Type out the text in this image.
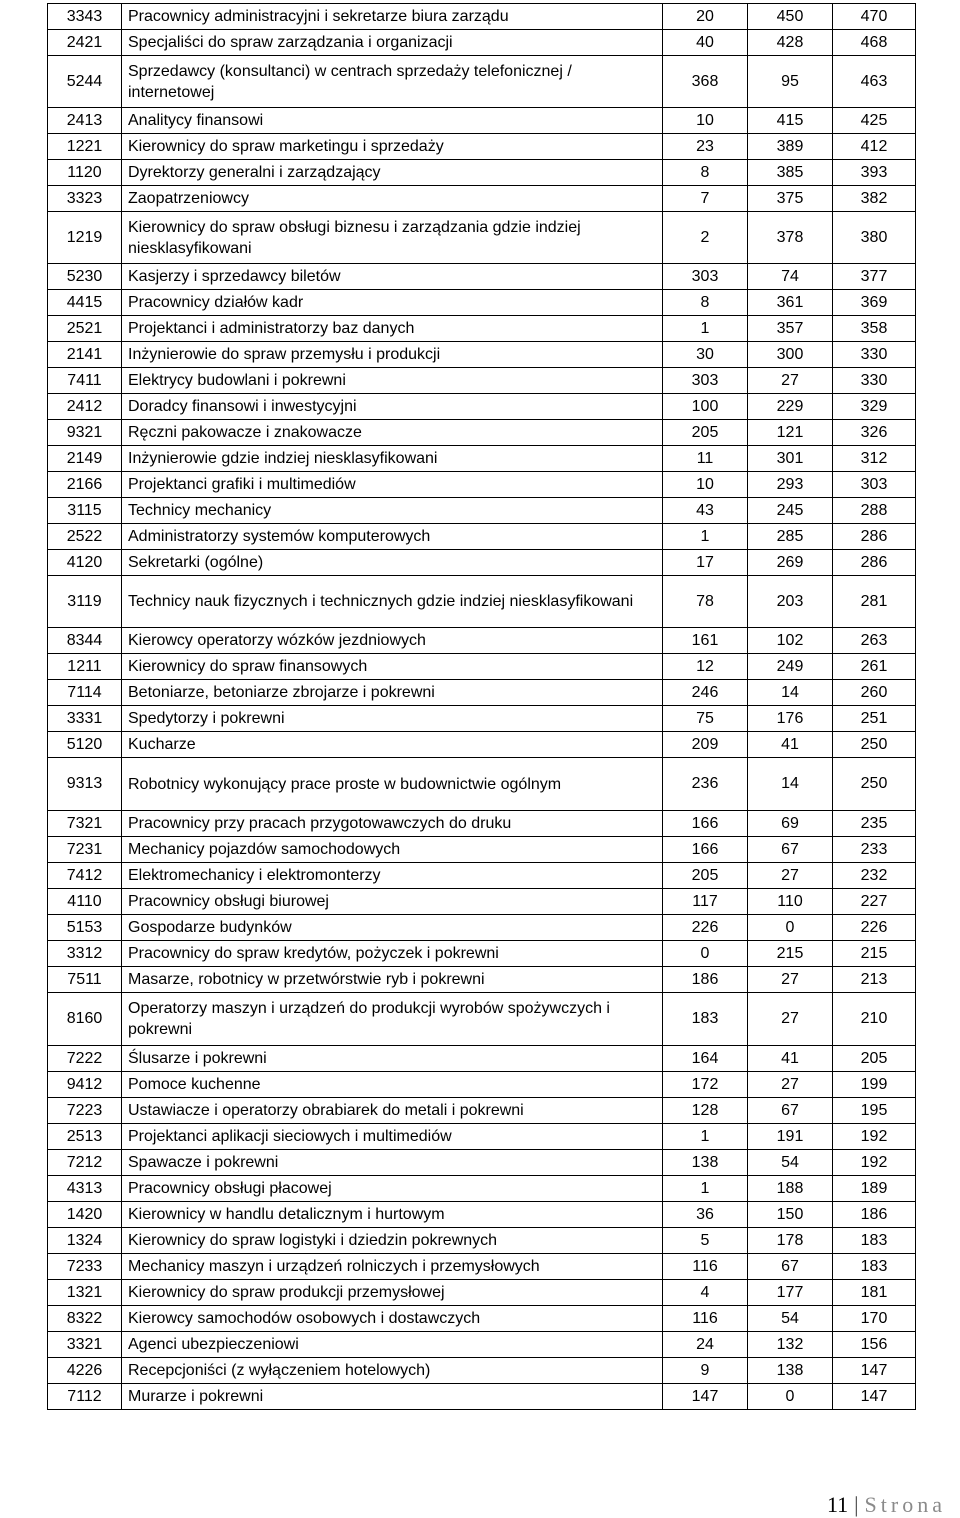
3343	Pracownicy administracyjni i sekretarze biura zarządu	20	450	470
2421	Specjaliści do spraw zarządzania i organizacji	40	428	468
5244	Sprzedawcy (konsultanci) w centrach sprzedaży telefonicznej / internetowej	368	95	463
2413	Analitycy finansowi	10	415	425
1221	Kierownicy do spraw marketingu i sprzedaży	23	389	412
1120	Dyrektorzy generalni i zarządzający	8	385	393
3323	Zaopatrzeniowcy	7	375	382
1219	Kierownicy do spraw obsługi biznesu i zarządzania gdzie indziej niesklasyfikowani	2	378	380
5230	Kasjerzy i sprzedawcy biletów	303	74	377
4415	Pracownicy działów kadr	8	361	369
2521	Projektanci i administratorzy baz danych	1	357	358
2141	Inżynierowie do spraw przemysłu i produkcji	30	300	330
7411	Elektrycy budowlani i pokrewni	303	27	330
2412	Doradcy finansowi i inwestycyjni	100	229	329
9321	Ręczni pakowacze i znakowacze	205	121	326
2149	Inżynierowie gdzie indziej niesklasyfikowani	11	301	312
2166	Projektanci grafiki i multimediów	10	293	303
3115	Technicy mechanicy	43	245	288
2522	Administratorzy systemów komputerowych	1	285	286
4120	Sekretarki (ogólne)	17	269	286
3119	Technicy nauk fizycznych i technicznych gdzie indziej niesklasyfikowani	78	203	281
8344	Kierowcy operatorzy wózków jezdniowych	161	102	263
1211	Kierownicy do spraw finansowych	12	249	261
7114	Betoniarze, betoniarze zbrojarze i pokrewni	246	14	260
3331	Spedytorzy i pokrewni	75	176	251
5120	Kucharze	209	41	250
9313	Robotnicy wykonujący prace proste w budownictwie ogólnym	236	14	250
7321	Pracownicy przy pracach przygotowawczych do druku	166	69	235
7231	Mechanicy pojazdów samochodowych	166	67	233
7412	Elektromechanicy i elektromonterzy	205	27	232
4110	Pracownicy obsługi biurowej	117	110	227
5153	Gospodarze budynków	226	0	226
3312	Pracownicy do spraw kredytów, pożyczek i pokrewni	0	215	215
7511	Masarze, robotnicy w przetwórstwie ryb i pokrewni	186	27	213
8160	Operatorzy maszyn i urządzeń do produkcji wyrobów spożywczych i pokrewni	183	27	210
7222	Ślusarze i pokrewni	164	41	205
9412	Pomoce kuchenne	172	27	199
7223	Ustawiacze i operatorzy obrabiarek do metali i pokrewni	128	67	195
2513	Projektanci aplikacji sieciowych i multimediów	1	191	192
7212	Spawacze i pokrewni	138	54	192
4313	Pracownicy obsługi płacowej	1	188	189
1420	Kierownicy w handlu detalicznym i hurtowym	36	150	186
1324	Kierownicy do spraw logistyki i dziedzin pokrewnych	5	178	183
7233	Mechanicy maszyn i urządzeń rolniczych i przemysłowych	116	67	183
1321	Kierownicy do spraw produkcji przemysłowej	4	177	181
8322	Kierowcy samochodów osobowych i dostawczych	116	54	170
3321	Agenci ubezpieczeniowi	24	132	156
4226	Recepcjoniści (z wyłączeniem hotelowych)	9	138	147
7112	Murarze i pokrewni	147	0	147
11 | Strona
